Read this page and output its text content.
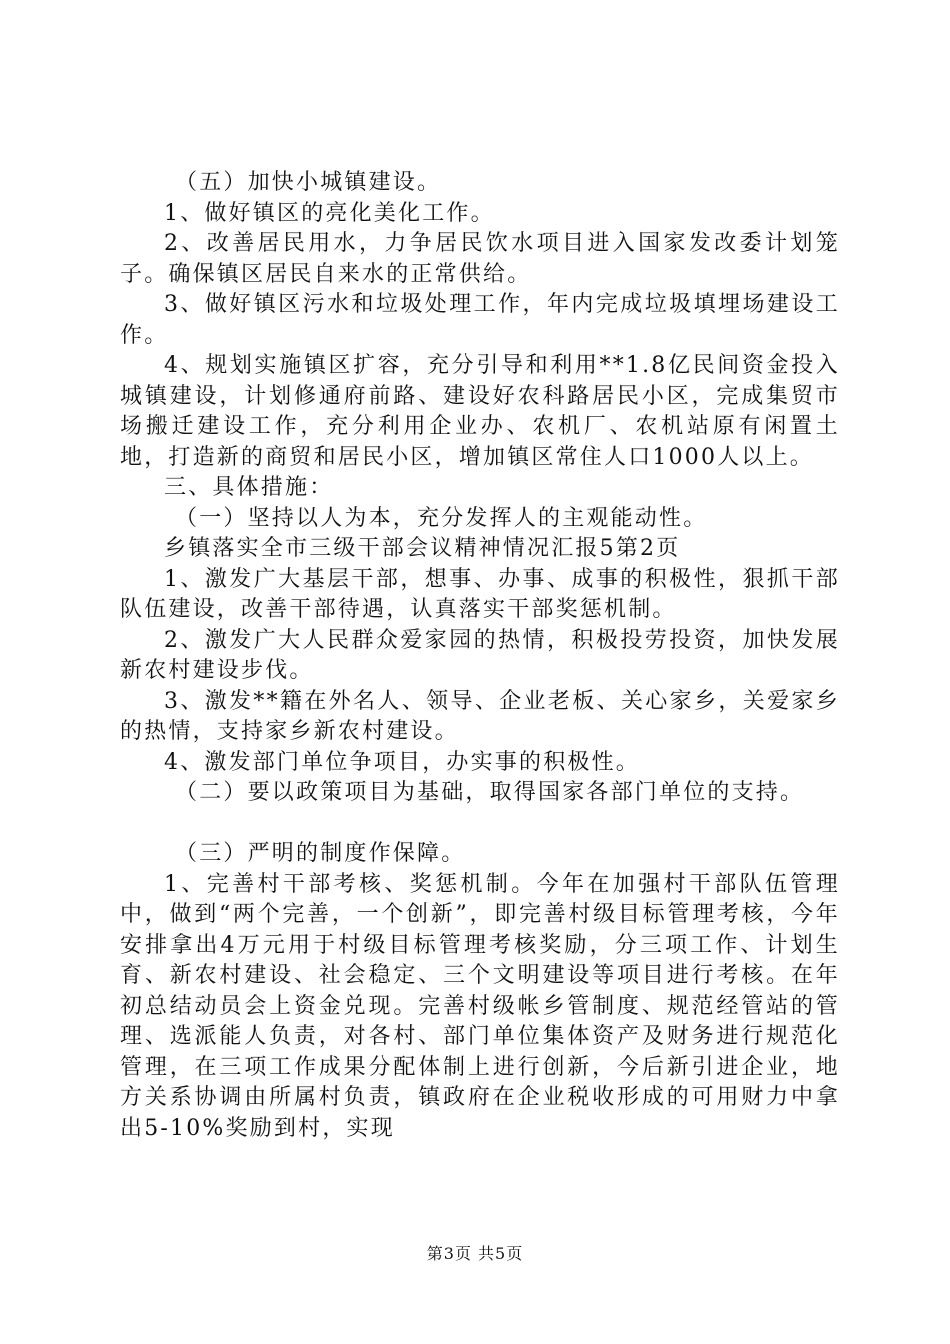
（五）加快小城镇建设。

1、做好镇区的亮化美化工作。

2、改善居民用水，力争居民饮水项目进入国家发改委计划笼子。确保镇区居民自来水的正常供给。

3、做好镇区污水和垃圾处理工作，年内完成垃圾填埋场建设工作。

4、规划实施镇区扩容，充分引导和利用**1.8亿民间资金投入城镇建设，计划修通府前路、建设好农科路居民小区，完成集贸市场搬迁建设工作，充分利用企业办、农机厂、农机站原有闲置土地，打造新的商贸和居民小区，增加镇区常住人口1000人以上。

三、具体措施：

（一）坚持以人为本，充分发挥人的主观能动性。

乡镇落实全市三级干部会议精神情况汇报5第2页

1、激发广大基层干部，想事、办事、成事的积极性，狠抓干部队伍建设，改善干部待遇，认真落实干部奖惩机制。

2、激发广大人民群众爱家园的热情，积极投劳投资，加快发展新农村建设步伐。

3、激发**籍在外名人、领导、企业老板、关心家乡，关爱家乡的热情，支持家乡新农村建设。

4、激发部门单位争项目，办实事的积极性。

（二）要以政策项目为基础，取得国家各部门单位的支持。

（三）严明的制度作保障。

1、完善村干部考核、奖惩机制。今年在加强村干部队伍管理中，做到“两个完善，一个创新”，即完善村级目标管理考核，今年安排拿出4万元用于村级目标管理考核奖励，分三项工作、计划生育、新农村建设、社会稳定、三个文明建设等项目进行考核。在年初总结动员会上资金兑现。完善村级帐乡管制度、规范经管站的管理、选派能人负责，对各村、部门单位集体资产及财务进行规范化管理，在三项工作成果分配体制上进行创新，今后新引进企业，地方关系协调由所属村负责，镇政府在企业税收形成的可用财力中拿出5-10%奖励到村，实现

第3页 共5页
